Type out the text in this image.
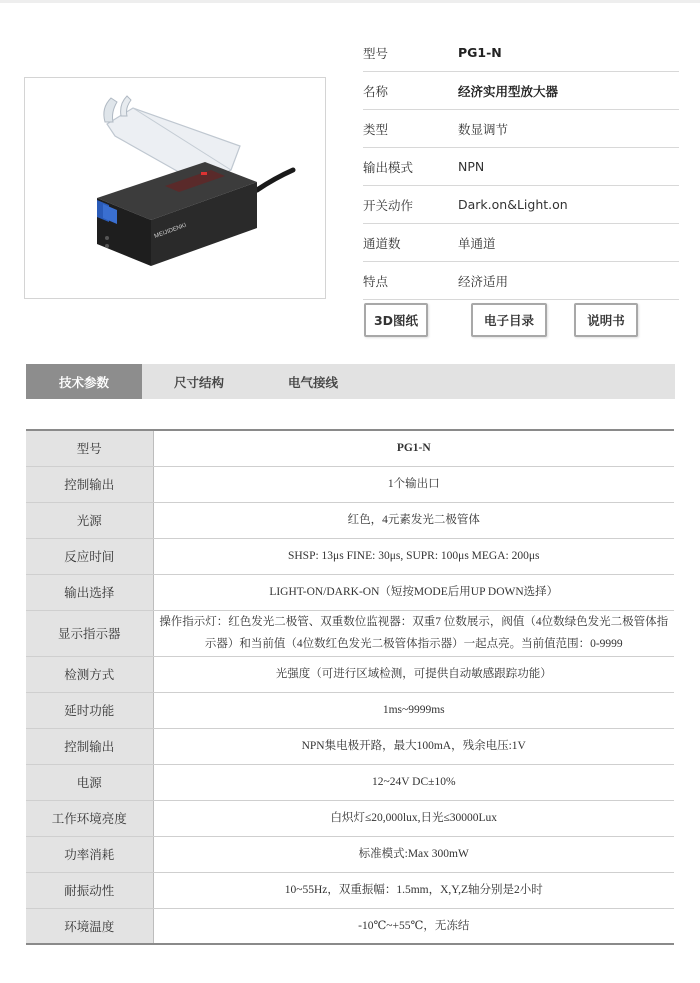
MEIJIDENKI
型号	PG1-N
名称	经济实用型放大器
类型	数显调节
输出模式	NPN
开关动作	Dark.on&Light.on
通道数	单通道
特点	经济适用
3D图纸	电子目录	说明书
技术参数	尺寸结构	电气接线
型号	PG1-N
控制输出	1个输出口
光源	红色，4元素发光二极管体
反应时间	SHSP: 13μs FINE: 30μs, SUPR: 100μs MEGA: 200μs
输出选择	LIGHT-ON/DARK-ON（短按MODE后用UP DOWN选择）
显示指示器	操作指示灯：红色发光二极管、双重数位监视器：双重7 位数展示，阀值（4位数绿色发光二极管体指示器）和当前值（4位数红色发光二极管体指示器）一起点亮。当前值范围：0-9999
检测方式	光强度（可进行区域检测，可提供自动敏感跟踪功能）
延时功能	1ms~9999ms
控制输出	NPN集电极开路，最大100mA，残余电压:1V
电源	12~24V DC±10%
工作环境亮度	白炽灯≤20,000lux,日光≤30000Lux
功率消耗	标准模式:Max 300mW
耐振动性	10~55Hz，双重振幅：1.5mm，X,Y,Z轴分别是2小时
环境温度	-10℃~+55℃，无冻结
